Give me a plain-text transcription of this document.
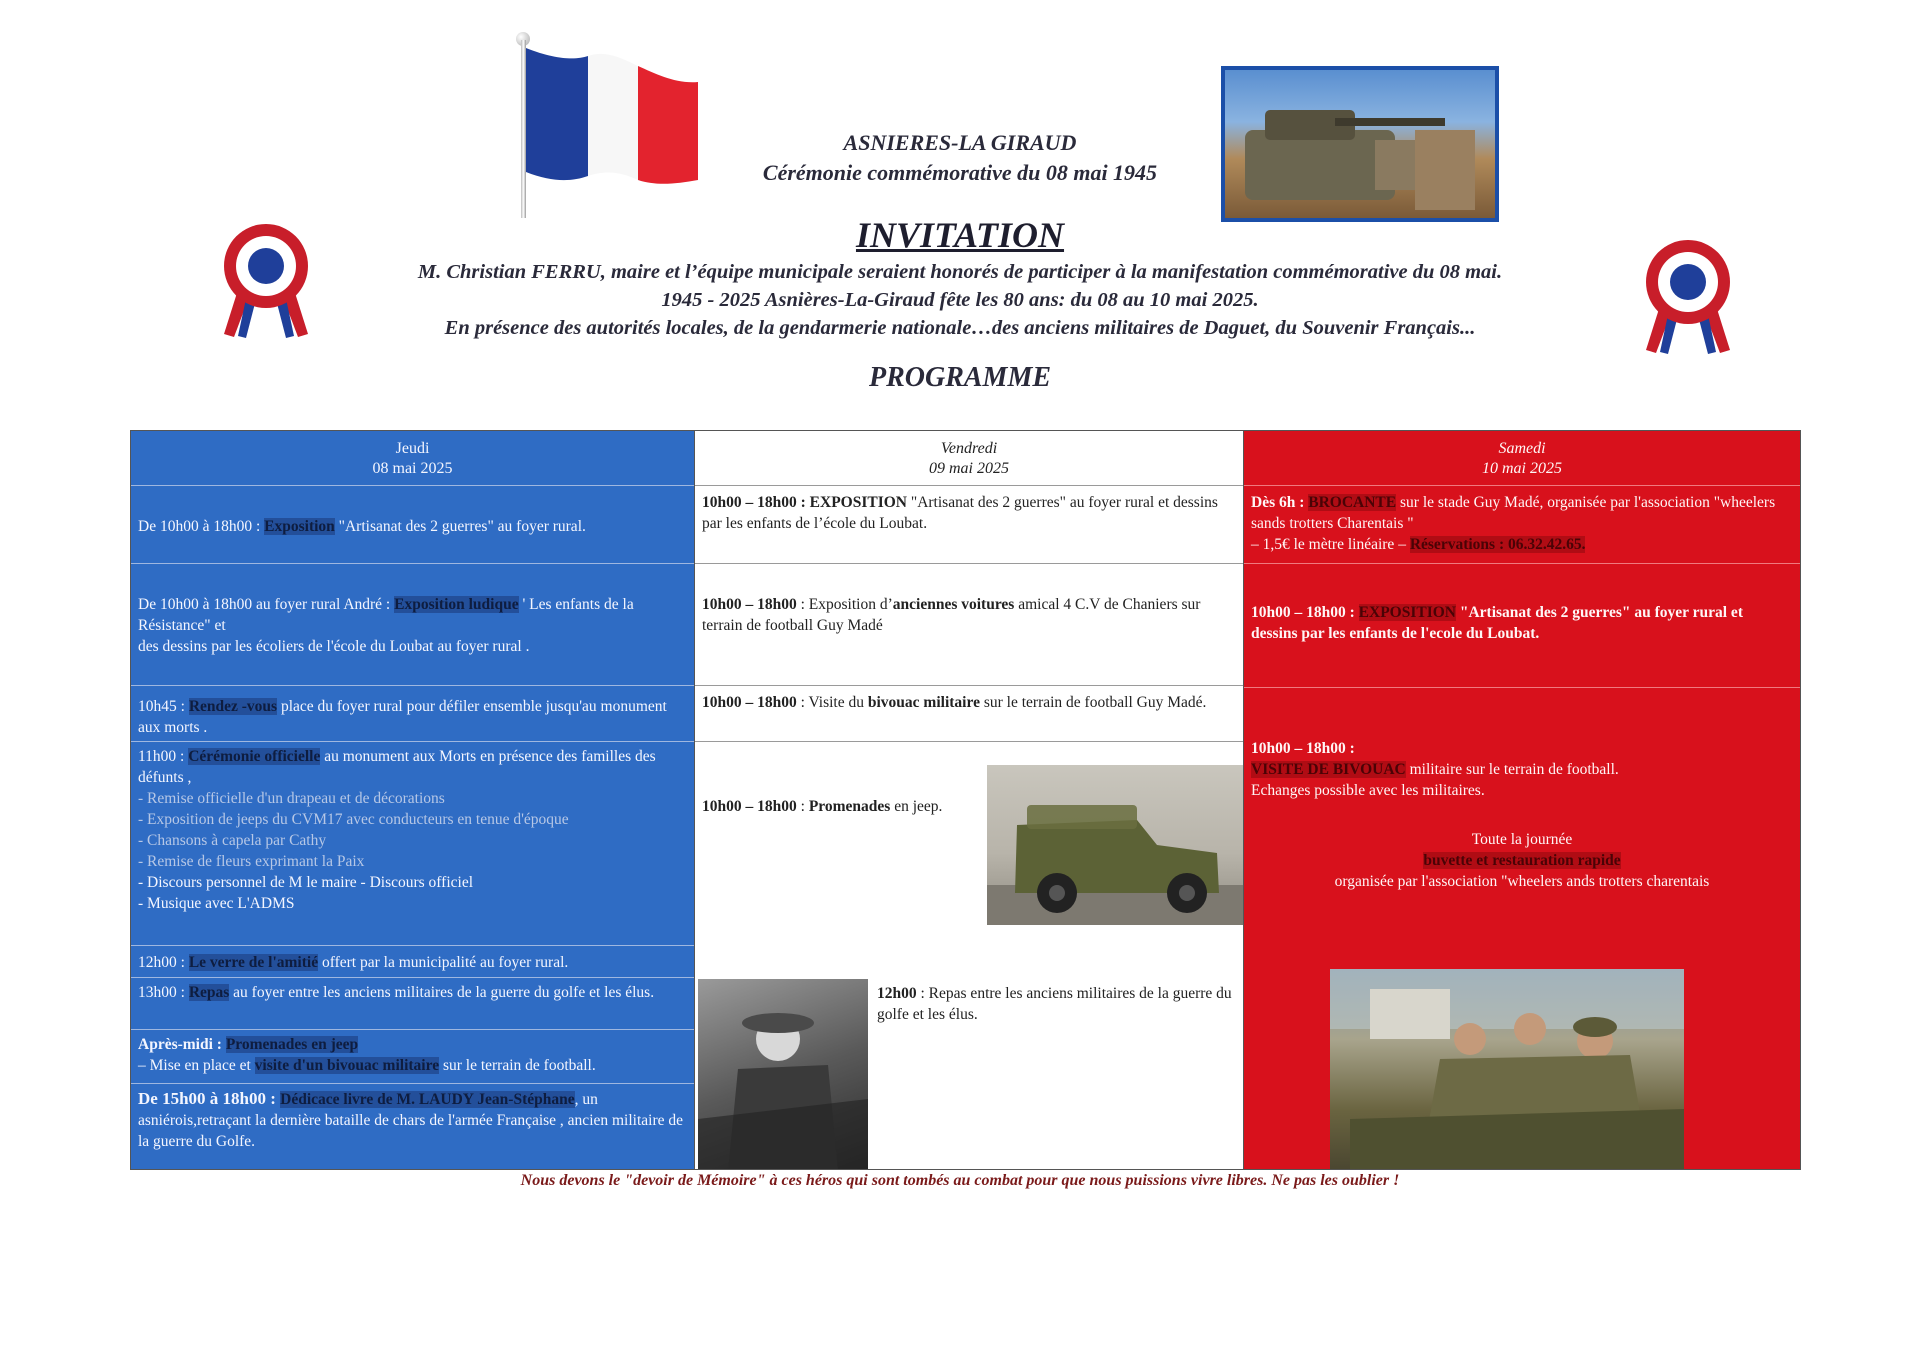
ASNIERES-LA GIRAUD
Cérémonie commémorative du 08 mai 1945
INVITATION
M. Christian FERRU, maire et l’équipe municipale seraient honorés de participer à la manifestation commémorative du 08 mai.
1945 - 2025 Asnières-La-Giraud fête les 80 ans: du 08 au 10 mai 2025.
En présence des autorités locales, de la gendarmerie nationale…des anciens militaires de Daguet, du Souvenir Français...
PROGRAMME
Jeudi
08 mai 2025
De 10h00 à 18h00 : Exposition "Artisanat des 2 guerres" au foyer rural.
De 10h00 à 18h00 au foyer rural André : Exposition ludique ' Les enfants de la Résistance" et
des dessins par les écoliers de l'école du Loubat au foyer rural .
10h45 : Rendez -vous place du foyer rural pour défiler ensemble jusqu'au monument aux morts .
11h00 : Cérémonie officielle au monument aux Morts en présence des familles des défunts ,
- Remise officielle d'un drapeau et de décorations
- Exposition de jeeps du CVM17 avec conducteurs en tenue d'époque
- Chansons à capela par Cathy
- Remise de fleurs exprimant la Paix
- Discours personnel de M le maire - Discours officiel
- Musique avec L'ADMS
12h00 : Le verre de l'amitié offert par la municipalité au foyer rural.
13h00 : Repas au foyer entre les anciens militaires de la guerre du golfe et les élus.
Après-midi : Promenades en jeep
– Mise en place et visite d'un bivouac militaire sur le terrain de football.
De 15h00 à 18h00 : Dédicace livre de M. LAUDY Jean-Stéphane, un asniérois,retraçant la dernière bataille de chars de l'armée Française , ancien militaire de la guerre du Golfe.
Vendredi
09 mai 2025
10h00 – 18h00 : EXPOSITION "Artisanat des 2 guerres" au foyer rural et dessins par les enfants de l’école du Loubat.
10h00 – 18h00 : Exposition d’anciennes voitures amical 4 C.V de Chaniers sur terrain de football Guy Madé
10h00 – 18h00 : Visite du bivouac militaire sur le terrain de football Guy Madé.
10h00 – 18h00 : Promenades en jeep.
12h00 : Repas entre les anciens militaires de la guerre du golfe et les élus.
Samedi
10 mai 2025
Dès 6h : BROCANTE sur le stade Guy Madé, organisée par l'association "wheelers sands trotters Charentais "
– 1,5€ le mètre linéaire – Réservations : 06.32.42.65.
10h00 – 18h00 : EXPOSITION "Artisanat des 2 guerres" au foyer rural et dessins par les enfants de l'ecole du Loubat.
10h00 – 18h00 :
VISITE DE BIVOUAC militaire sur le terrain de football.
Echanges possible avec les militaires.
Toute la journée
buvette et restauration rapide
organisée par l'association "wheelers ands trotters charentais
Nous devons le "devoir de Mémoire" à ces héros qui sont tombés au combat pour que nous puissions vivre libres. Ne pas les oublier !
